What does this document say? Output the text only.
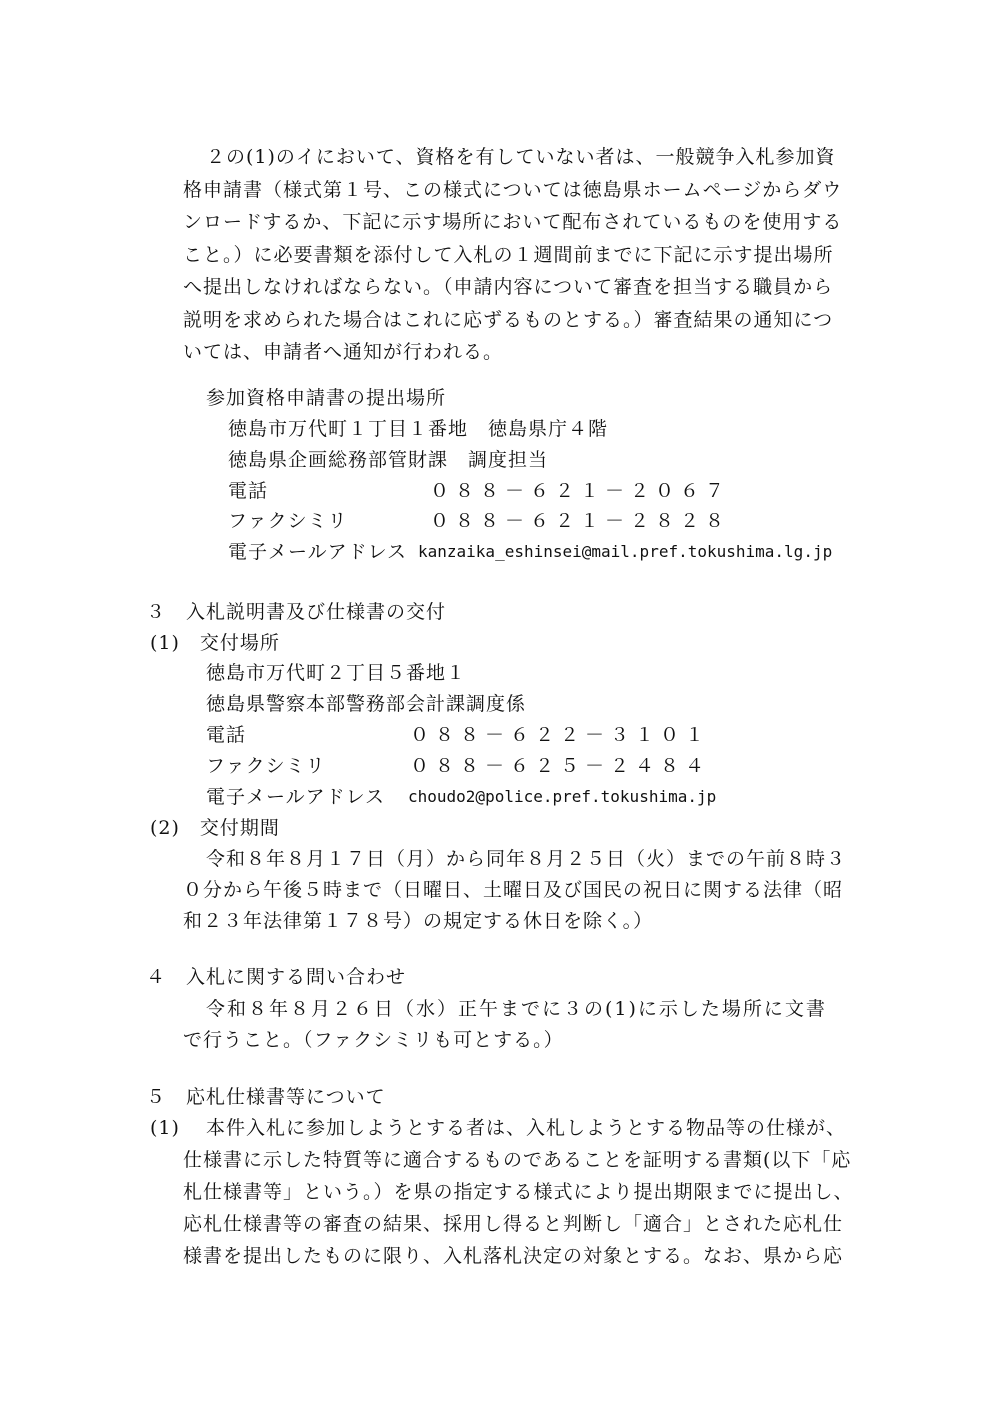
２の(1)のイにおいて、資格を有していない者は、一般競争入札参加資
格申請書（様式第１号、この様式については徳島県ホームページからダウ
ンロードするか、下記に示す場所において配布されているものを使用する
こと。）に必要書類を添付して入札の１週間前までに下記に示す提出場所
へ提出しなければならない。（申請内容について審査を担当する職員から
説明を求められた場合はこれに応ずるものとする。）審査結果の通知につ
いては、申請者へ通知が行われる。
参加資格申請書の提出場所
徳島市万代町１丁目１番地　徳島県庁４階
徳島県企画総務部管財課　調度担当
電話	０８８－６２１－２０６７
ファクシミリ	０８８－６２１－２８２８
電子メールアドレス kanzaika_eshinsei@mail.pref.tokushima.lg.jp
３　入札説明書及び仕様書の交付
(1)　交付場所
徳島市万代町２丁目５番地１
徳島県警察本部警務部会計課調度係
電話	０８８－６２２－３１０１
ファクシミリ	０８８－６２５－２４８４
電子メールアドレス choudo2@police.pref.tokushima.jp
(2)　交付期間
令和８年８月１７日（月）から同年８月２５日（火）までの午前８時３
０分から午後５時まで（日曜日、土曜日及び国民の祝日に関する法律（昭
和２３年法律第１７８号）の規定する休日を除く。）
４　入札に関する問い合わせ
令和８年８月２６日（水）正午までに３の(1)に示した場所に文書
で行うこと。（ファクシミリも可とする。）
５　応札仕様書等について
(1) 本件入札に参加しようとする者は、入札しようとする物品等の仕様が、
仕様書に示した特質等に適合するものであることを証明する書類(以下「応
札仕様書等」という。）を県の指定する様式により提出期限までに提出し、
応札仕様書等の審査の結果、採用し得ると判断し「適合」とされた応札仕
様書を提出したものに限り、入札落札決定の対象とする。なお、県から応
